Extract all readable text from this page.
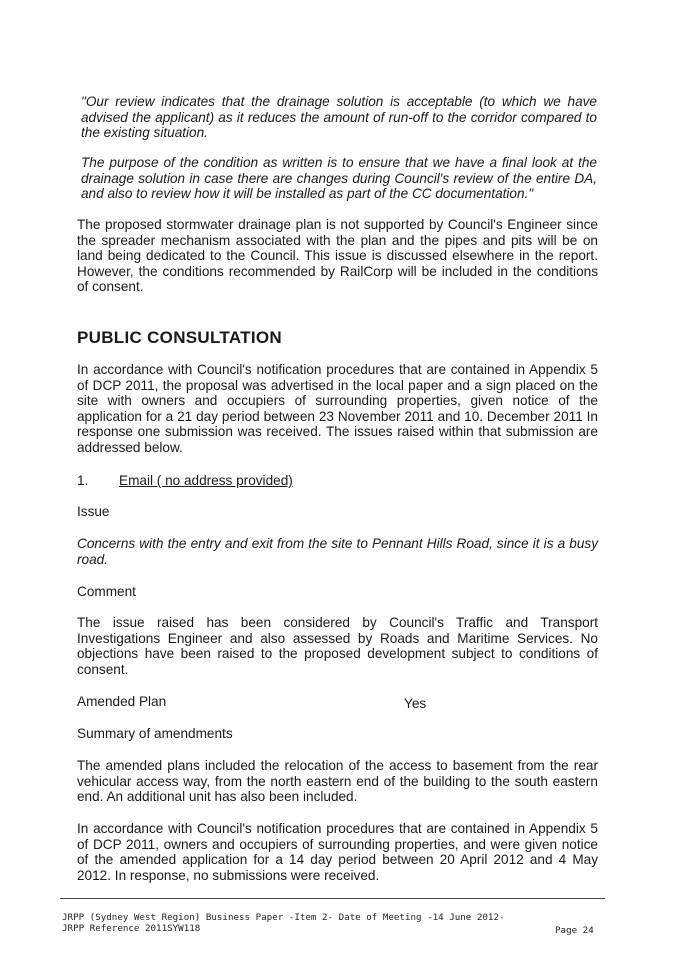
"Our review indicates that the drainage solution is acceptable (to which we have advised the applicant) as it reduces the amount of run-off to the corridor compared to the existing situation.

The purpose of the condition as written is to ensure that we have a final look at the drainage solution in case there are changes during Council's review of the entire DA, and also to review how it will be installed as part of the CC documentation."

The proposed stormwater drainage plan is not supported by Council's Engineer since the spreader mechanism associated with the plan and the pipes and pits will be on land being dedicated to the Council. This issue is discussed elsewhere in the report. However, the conditions recommended by RailCorp will be included in the conditions of consent.

PUBLIC CONSULTATION

In accordance with Council's notification procedures that are contained in Appendix 5 of DCP 2011, the proposal was advertised in the local paper and a sign placed on the site with owners and occupiers of surrounding properties, given notice of the application for a 21 day period between 23 November 2011 and 10. December 2011 In response one submission was received. The issues raised within that submission are addressed below.

1.	Email ( no address provided)

Issue

Concerns with the entry and exit from the site to Pennant Hills Road, since it is a busy road.

Comment

The issue raised has been considered by Council's Traffic and Transport Investigations Engineer and also assessed by Roads and Maritime Services. No objections have been raised to the proposed development subject to conditions of consent.

Amended Plan	Yes

Summary of amendments

The amended plans included the relocation of the access to basement from the rear vehicular access way, from the north eastern end of the building to the south eastern end. An additional unit has also been included.

In accordance with Council's notification procedures that are contained in Appendix 5 of DCP 2011, owners and occupiers of surrounding properties, and were given notice of the amended application for a 14 day period between 20 April 2012 and 4 May 2012. In response, no submissions were received.

JRPP (Sydney West Region) Business Paper -Item 2- Date of Meeting -14 June 2012-
JRPP Reference 2011SYW118	Page 24
